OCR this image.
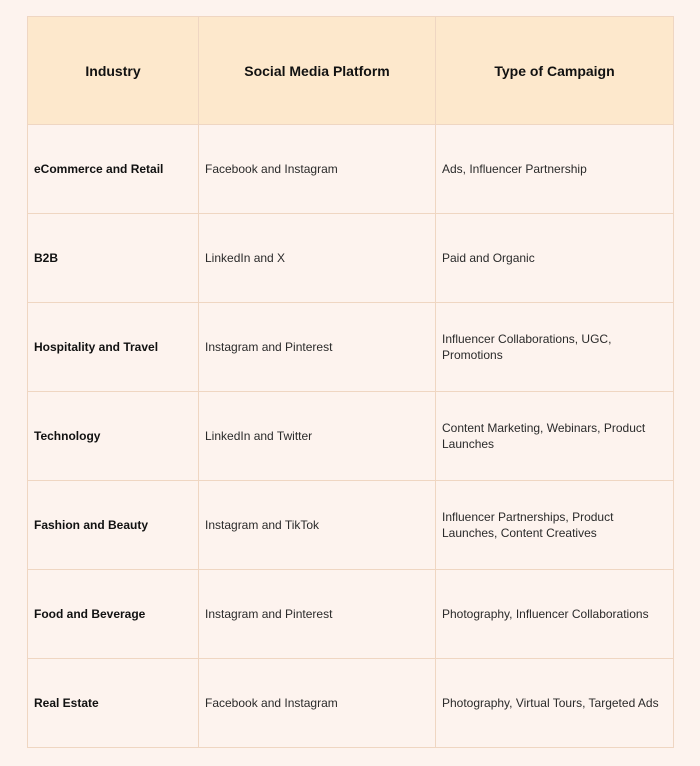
Industry	Social Media Platform	Type of Campaign
eCommerce and Retail	Facebook and Instagram	Ads, Influencer Partnership
B2B	LinkedIn and X	Paid and Organic
Hospitality and Travel	Instagram and Pinterest	Influencer Collaborations, UGC, Promotions
Technology	LinkedIn and Twitter	Content Marketing, Webinars, Product Launches
Fashion and Beauty	Instagram and TikTok	Influencer Partnerships, Product Launches, Content Creatives
Food and Beverage	Instagram and Pinterest	Photography, Influencer Collaborations
Real Estate	Facebook and Instagram	Photography, Virtual Tours, Targeted Ads
